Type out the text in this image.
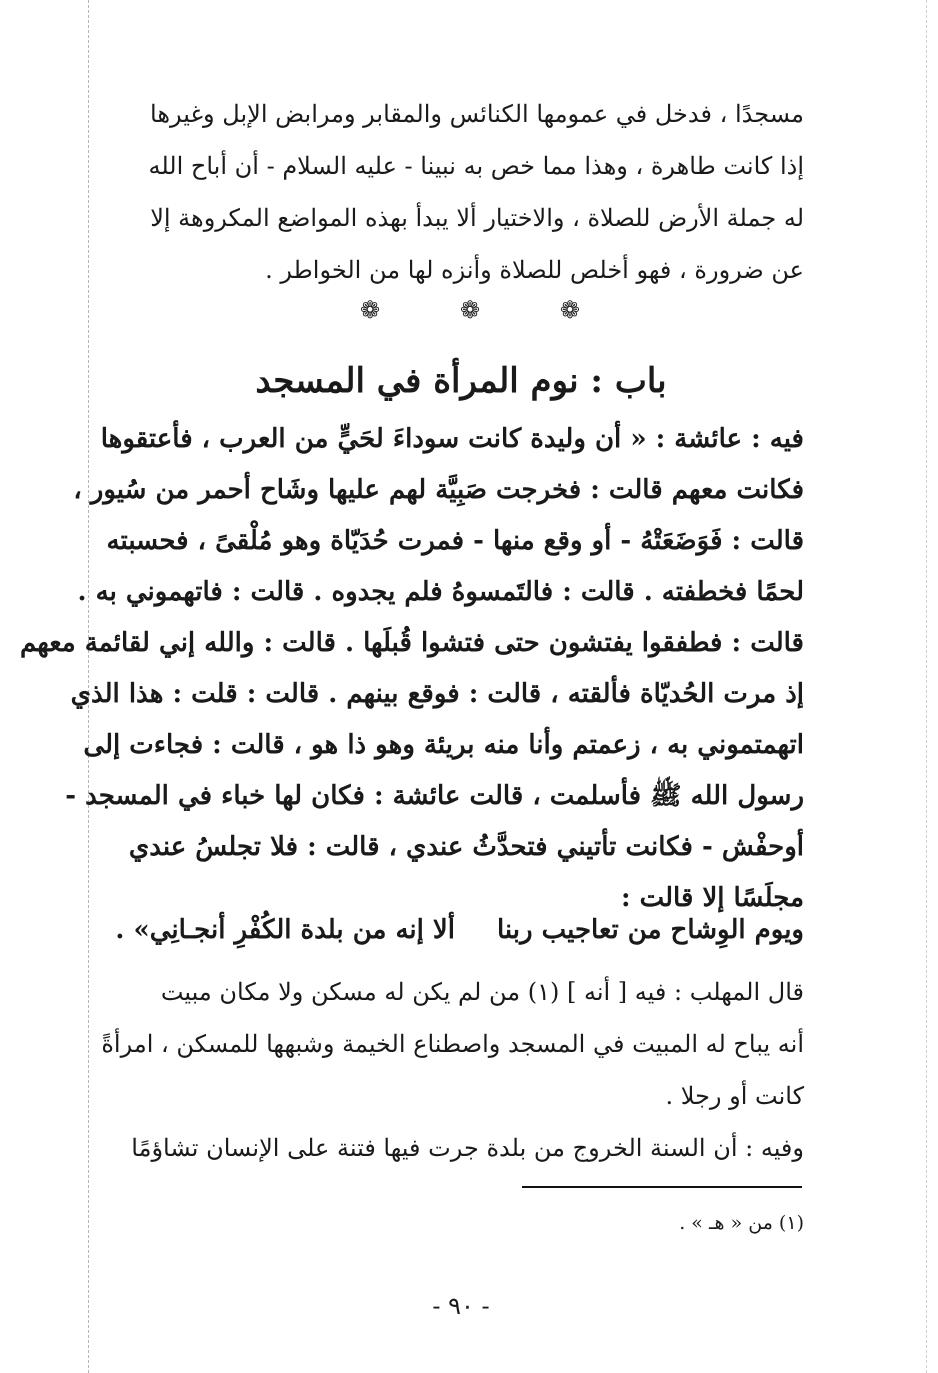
مسجدًا ، فدخل في عمومها الكنائس والمقابر ومرابض الإبل وغيرها
إذا كانت طاهرة ، وهذا مما خص به نبينا - عليه السلام - أن أباح الله
له جملة الأرض للصلاة ، والاختيار ألا يبدأ بهذه المواضع المكروهة إلا
عن ضرورة ، فهو أخلص للصلاة وأنزه لها من الخواطر .
❁	❁	❁
باب : نوم المرأة في المسجد
فيه : عائشة : « أن وليدة كانت سوداءَ لحَيٍّ من العرب ، فأعتقوها
فكانت معهم قالت : فخرجت صَبِيَّة لهم عليها وشَاح أحمر من سُيور ،
قالت : فَوَضَعَتْهُ - أو وقع منها - فمرت حُدَيّاة وهو مُلْقىً ، فحسبته
لحمًا فخطفته . قالت : فالتَمسوهُ فلم يجدوه . قالت : فاتهموني به .
قالت : فطفقوا يفتشون حتى فتشوا قُبلَها . قالت : والله إني لقائمة معهم
إذ مرت الحُديّاة فألقته ، قالت : فوقع بينهم . قالت : قلت : هذا الذي
اتهمتموني به ، زعمتم وأنا منه بريئة وهو ذا هو ، قالت : فجاءت إلى
رسول الله ﷺ فأسلمت ، قالت عائشة : فكان لها خباء في المسجد -
أوحفْش - فكانت تأتيني فتحدَّثُ عندي ، قالت : فلا تجلسُ عندي
مجلَسًا إلا قالت :
ويوم الوِشاح من تعاجيب ربناألا إنه من بلدة الكُفْرِ أنجـانِي» .
قال المهلب : فيه [ أنه ] (١) من لم يكن له مسكن ولا مكان مبيت
أنه يباح له المبيت في المسجد واصطناع الخيمة وشبهها للمسكن ، امرأةً
كانت أو رجلا .
وفيه : أن السنة الخروج من بلدة جرت فيها فتنة على الإنسان تشاؤمًا
(١) من « هـ » .
- ٩٠ -
